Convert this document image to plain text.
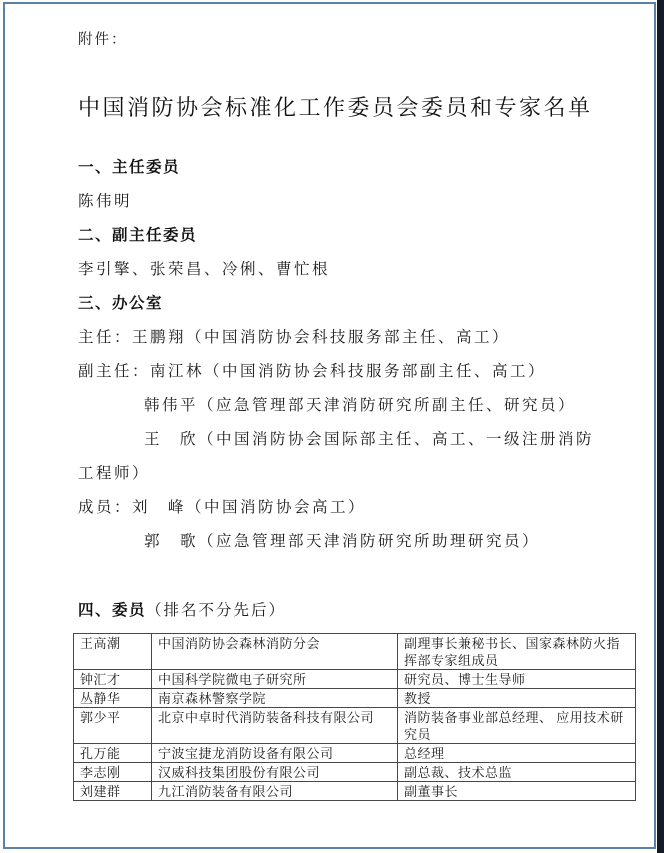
附件：

中国消防协会标准化工作委员会委员和专家名单
一、主任委员

陈伟明

二、副主任委员

李引擎、张荣昌、冷俐、曹忙根

三、办公室

主任：王鹏翔（中国消防协会科技服务部主任、高工）

副主任：南江林（中国消防协会科技服务部副主任、高工）

韩伟平（应急管理部天津消防研究所副主任、研究员）

王　欣（中国消防协会国际部主任、高工、一级注册消防工程师）

成员：刘　峰（中国消防协会高工）

郭　歌（应急管理部天津消防研究所助理研究员）

四、委员（排名不分先后）
王高潮	中国消防协会森林消防分会	副理事长兼秘书长、国家森林防火指挥部专家组成员
钟汇才	中国科学院微电子研究所	研究员、博士生导师
丛静华	南京森林警察学院	教授
郭少平	北京中卓时代消防装备科技有限公司	消防装备事业部总经理、 应用技术研究员
孔万能	宁波宝捷龙消防设备有限公司	总经理
李志刚	汉威科技集团股份有限公司	副总裁、技术总监
刘建群	九江消防装备有限公司	副董事长
